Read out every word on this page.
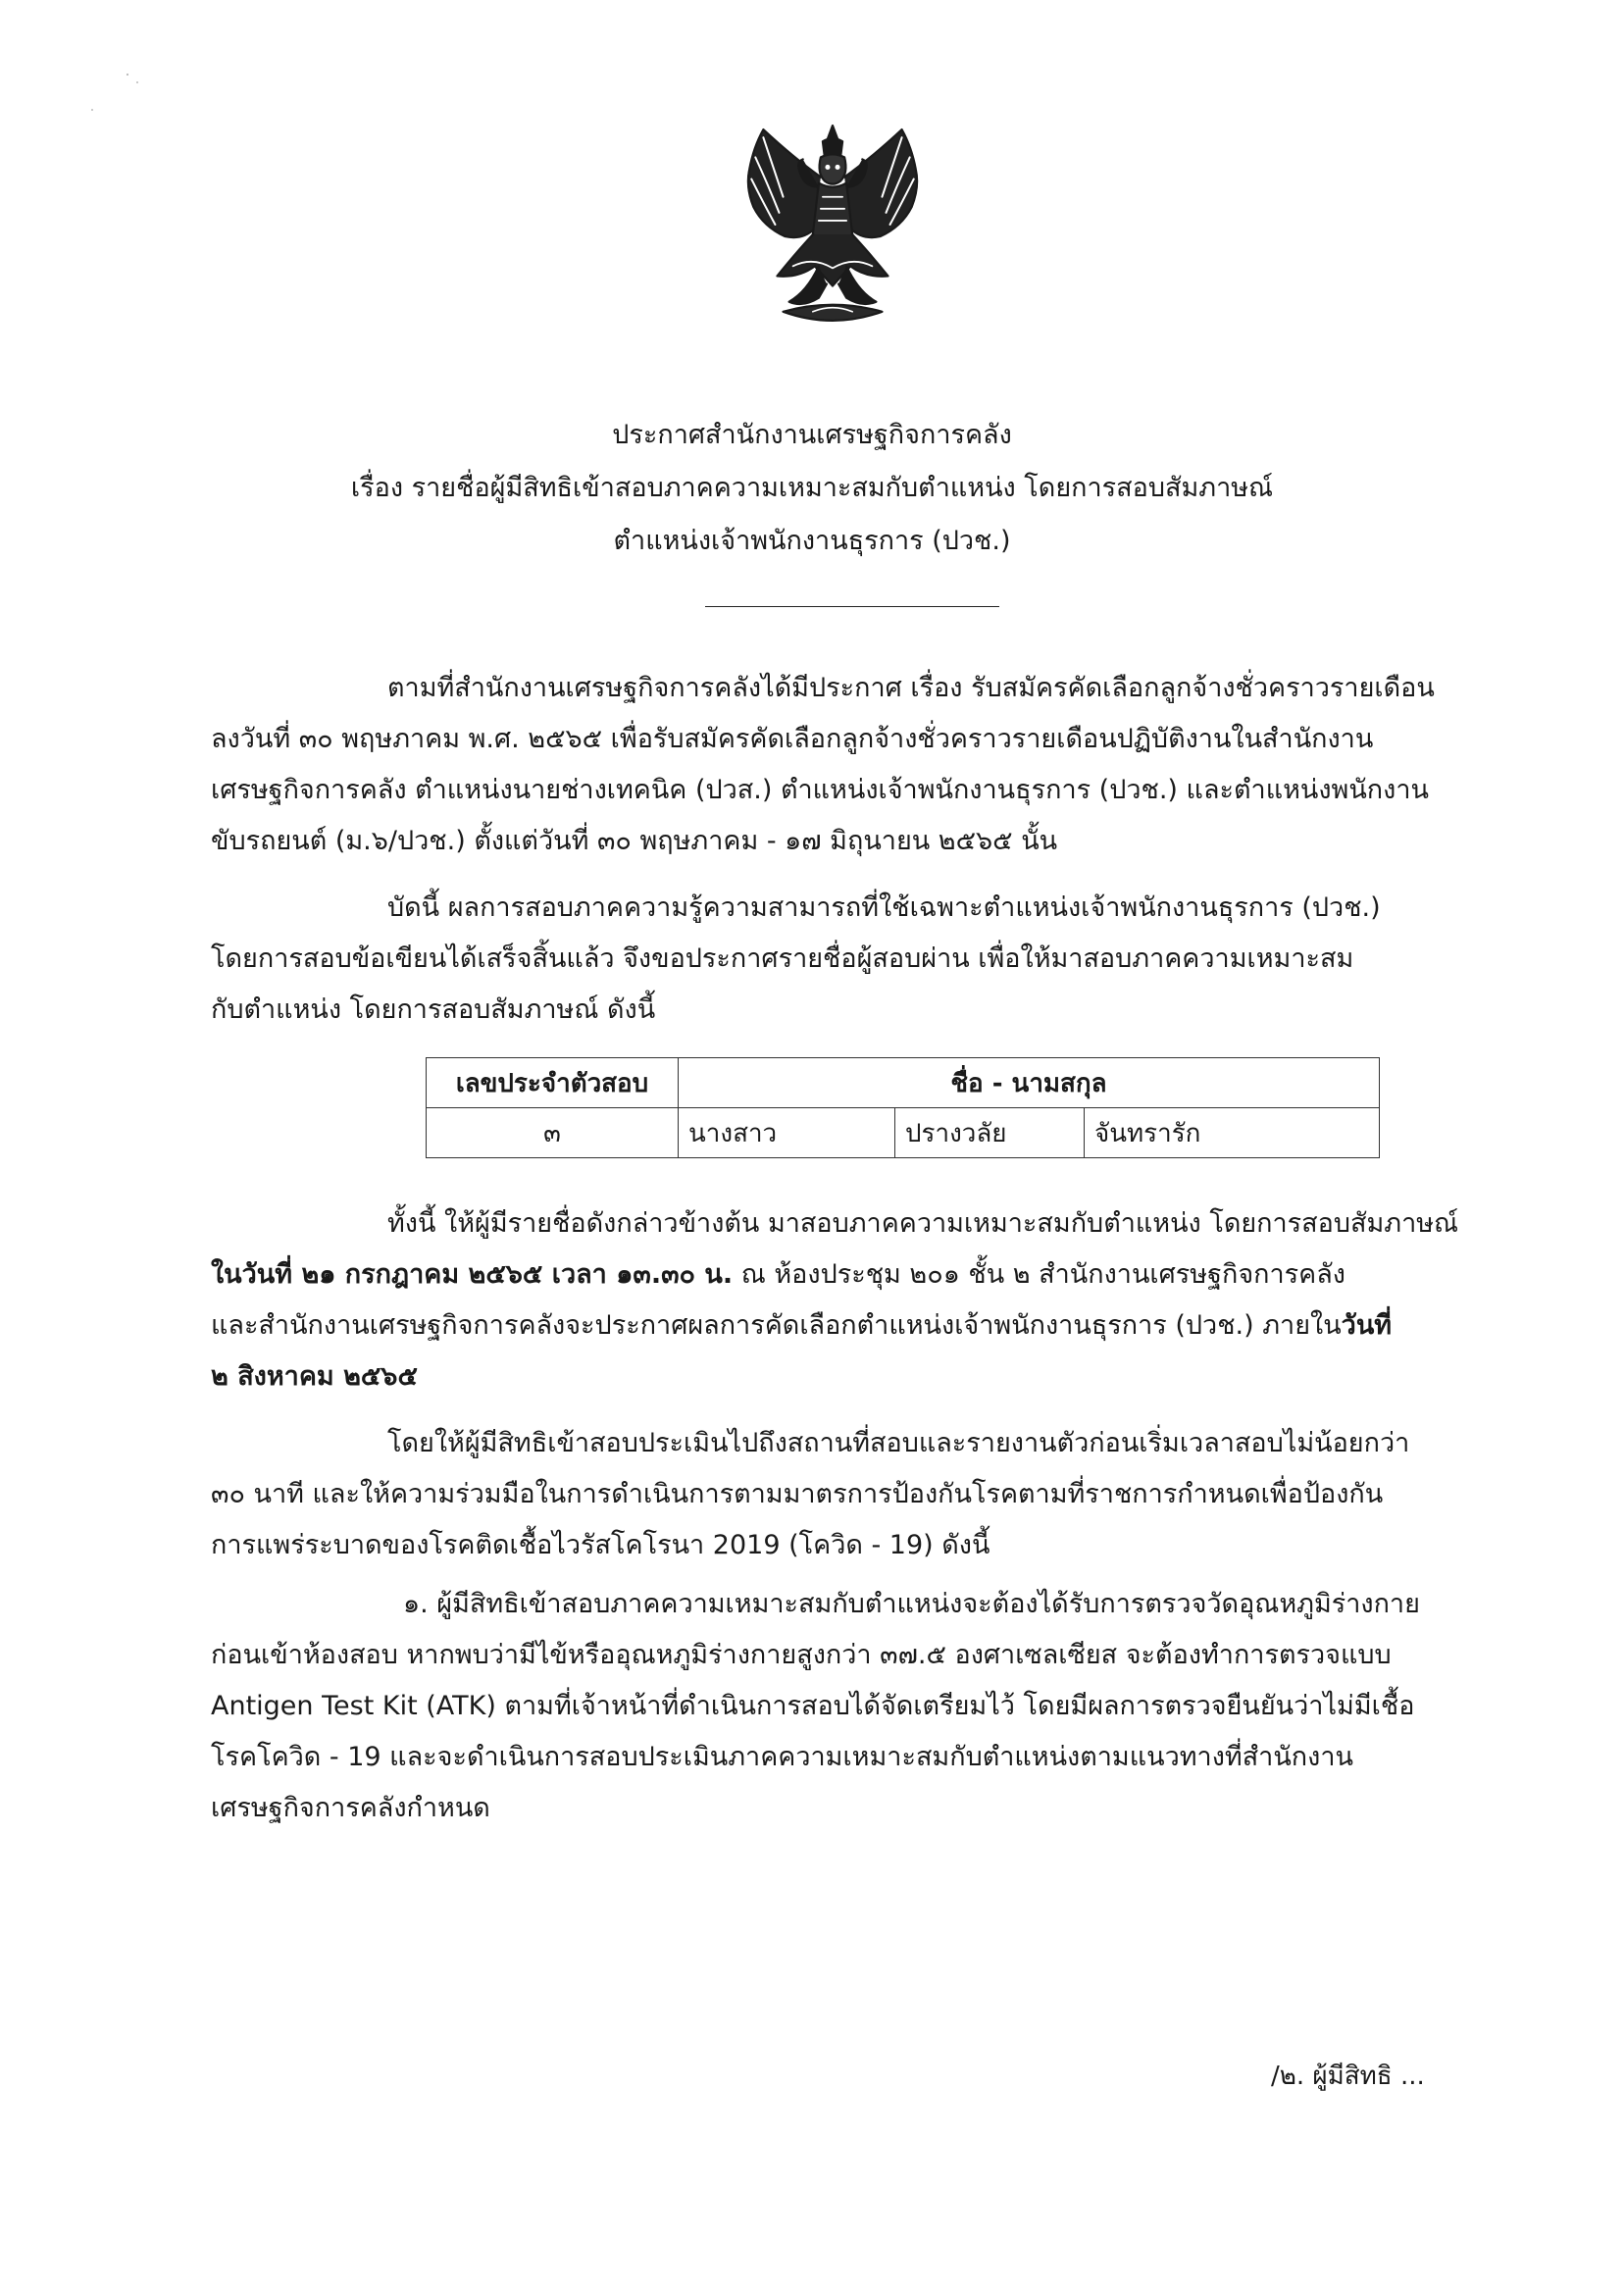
ประกาศสำนักงานเศรษฐกิจการคลัง
เรื่อง รายชื่อผู้มีสิทธิเข้าสอบภาคความเหมาะสมกับตำแหน่ง โดยการสอบสัมภาษณ์
ตำแหน่งเจ้าพนักงานธุรการ (ปวช.)

ตามที่สำนักงานเศรษฐกิจการคลังได้มีประกาศ เรื่อง รับสมัครคัดเลือกลูกจ้างชั่วคราวรายเดือน
ลงวันที่ ๓๐ พฤษภาคม พ.ศ. ๒๕๖๕ เพื่อรับสมัครคัดเลือกลูกจ้างชั่วคราวรายเดือนปฏิบัติงานในสำนักงาน
เศรษฐกิจการคลัง ตำแหน่งนายช่างเทคนิค (ปวส.) ตำแหน่งเจ้าพนักงานธุรการ (ปวช.) และตำแหน่งพนักงาน
ขับรถยนต์ (ม.๖/ปวช.) ตั้งแต่วันที่ ๓๐ พฤษภาคม - ๑๗ มิถุนายน ๒๕๖๕ นั้น

บัดนี้ ผลการสอบภาคความรู้ความสามารถที่ใช้เฉพาะตำแหน่งเจ้าพนักงานธุรการ (ปวช.)
โดยการสอบข้อเขียนได้เสร็จสิ้นแล้ว จึงขอประกาศรายชื่อผู้สอบผ่าน เพื่อให้มาสอบภาคความเหมาะสม
กับตำแหน่ง โดยการสอบสัมภาษณ์ ดังนี้

เลขประจำตัวสอบ	ชื่อ - นามสกุล		
๓	นางสาว	ปรางวลัย	จันทรารัก

ทั้งนี้ ให้ผู้มีรายชื่อดังกล่าวข้างต้น มาสอบภาคความเหมาะสมกับตำแหน่ง โดยการสอบสัมภาษณ์
ในวันที่ ๒๑ กรกฎาคม ๒๕๖๕ เวลา ๑๓.๓๐ น. ณ ห้องประชุม ๒๐๑ ชั้น ๒ สำนักงานเศรษฐกิจการคลัง
และสำนักงานเศรษฐกิจการคลังจะประกาศผลการคัดเลือกตำแหน่งเจ้าพนักงานธุรการ (ปวช.) ภายในวันที่
๒ สิงหาคม ๒๕๖๕

โดยให้ผู้มีสิทธิเข้าสอบประเมินไปถึงสถานที่สอบและรายงานตัวก่อนเริ่มเวลาสอบไม่น้อยกว่า
๓๐ นาที และให้ความร่วมมือในการดำเนินการตามมาตรการป้องกันโรคตามที่ราชการกำหนดเพื่อป้องกัน
การแพร่ระบาดของโรคติดเชื้อไวรัสโคโรนา 2019 (โควิด - 19) ดังนี้

๑. ผู้มีสิทธิเข้าสอบภาคความเหมาะสมกับตำแหน่งจะต้องได้รับการตรวจวัดอุณหภูมิร่างกาย
ก่อนเข้าห้องสอบ หากพบว่ามีไข้หรืออุณหภูมิร่างกายสูงกว่า ๓๗.๕ องศาเซลเซียส จะต้องทำการตรวจแบบ
Antigen Test Kit (ATK) ตามที่เจ้าหน้าที่ดำเนินการสอบได้จัดเตรียมไว้ โดยมีผลการตรวจยืนยันว่าไม่มีเชื้อ
โรคโควิด - 19 และจะดำเนินการสอบประเมินภาคความเหมาะสมกับตำแหน่งตามแนวทางที่สำนักงาน
เศรษฐกิจการคลังกำหนด

/๒. ผู้มีสิทธิ ...
